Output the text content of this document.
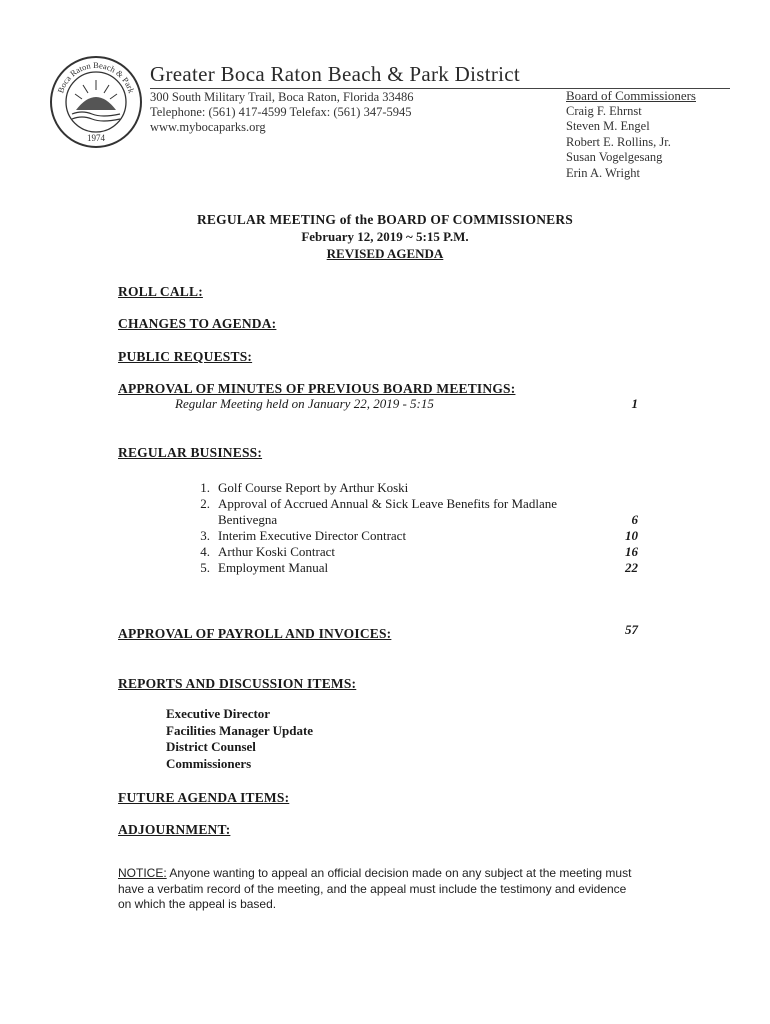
Boca Raton Beach & Park
1974
Greater Boca Raton Beach & Park District
300 South Military Trail, Boca Raton, Florida 33486
Telephone: (561) 417-4599 Telefax: (561) 347-5945
www.mybocaparks.org
Board of Commissioners
Craig F. Ehrnst
Steven M. Engel
Robert E. Rollins, Jr.
Susan Vogelgesang
Erin A. Wright
REGULAR MEETING of the BOARD OF COMMISSIONERS
February 12, 2019 ~ 5:15 P.M.
REVISED AGENDA
ROLL CALL:
CHANGES TO AGENDA:
PUBLIC REQUESTS:
APPROVAL OF MINUTES OF PREVIOUS BOARD MEETINGS:
Regular Meeting held on January 22, 2019 - 5:15	1
REGULAR BUSINESS:
1. Golf Course Report by Arthur Koski
2. Approval of Accrued Annual & Sick Leave Benefits for Madlane Bentivegna
3. Interim Executive Director Contract
4. Arthur Koski Contract
5. Employment Manual
6
10
16
22
APPROVAL OF PAYROLL AND INVOICES:	57
REPORTS AND DISCUSSION ITEMS:
Executive Director
Facilities Manager Update
District Counsel
Commissioners
FUTURE AGENDA ITEMS:
ADJOURNMENT:
NOTICE: Anyone wanting to appeal an official decision made on any subject at the meeting must have a verbatim record of the meeting, and the appeal must include the testimony and evidence on which the appeal is based.
